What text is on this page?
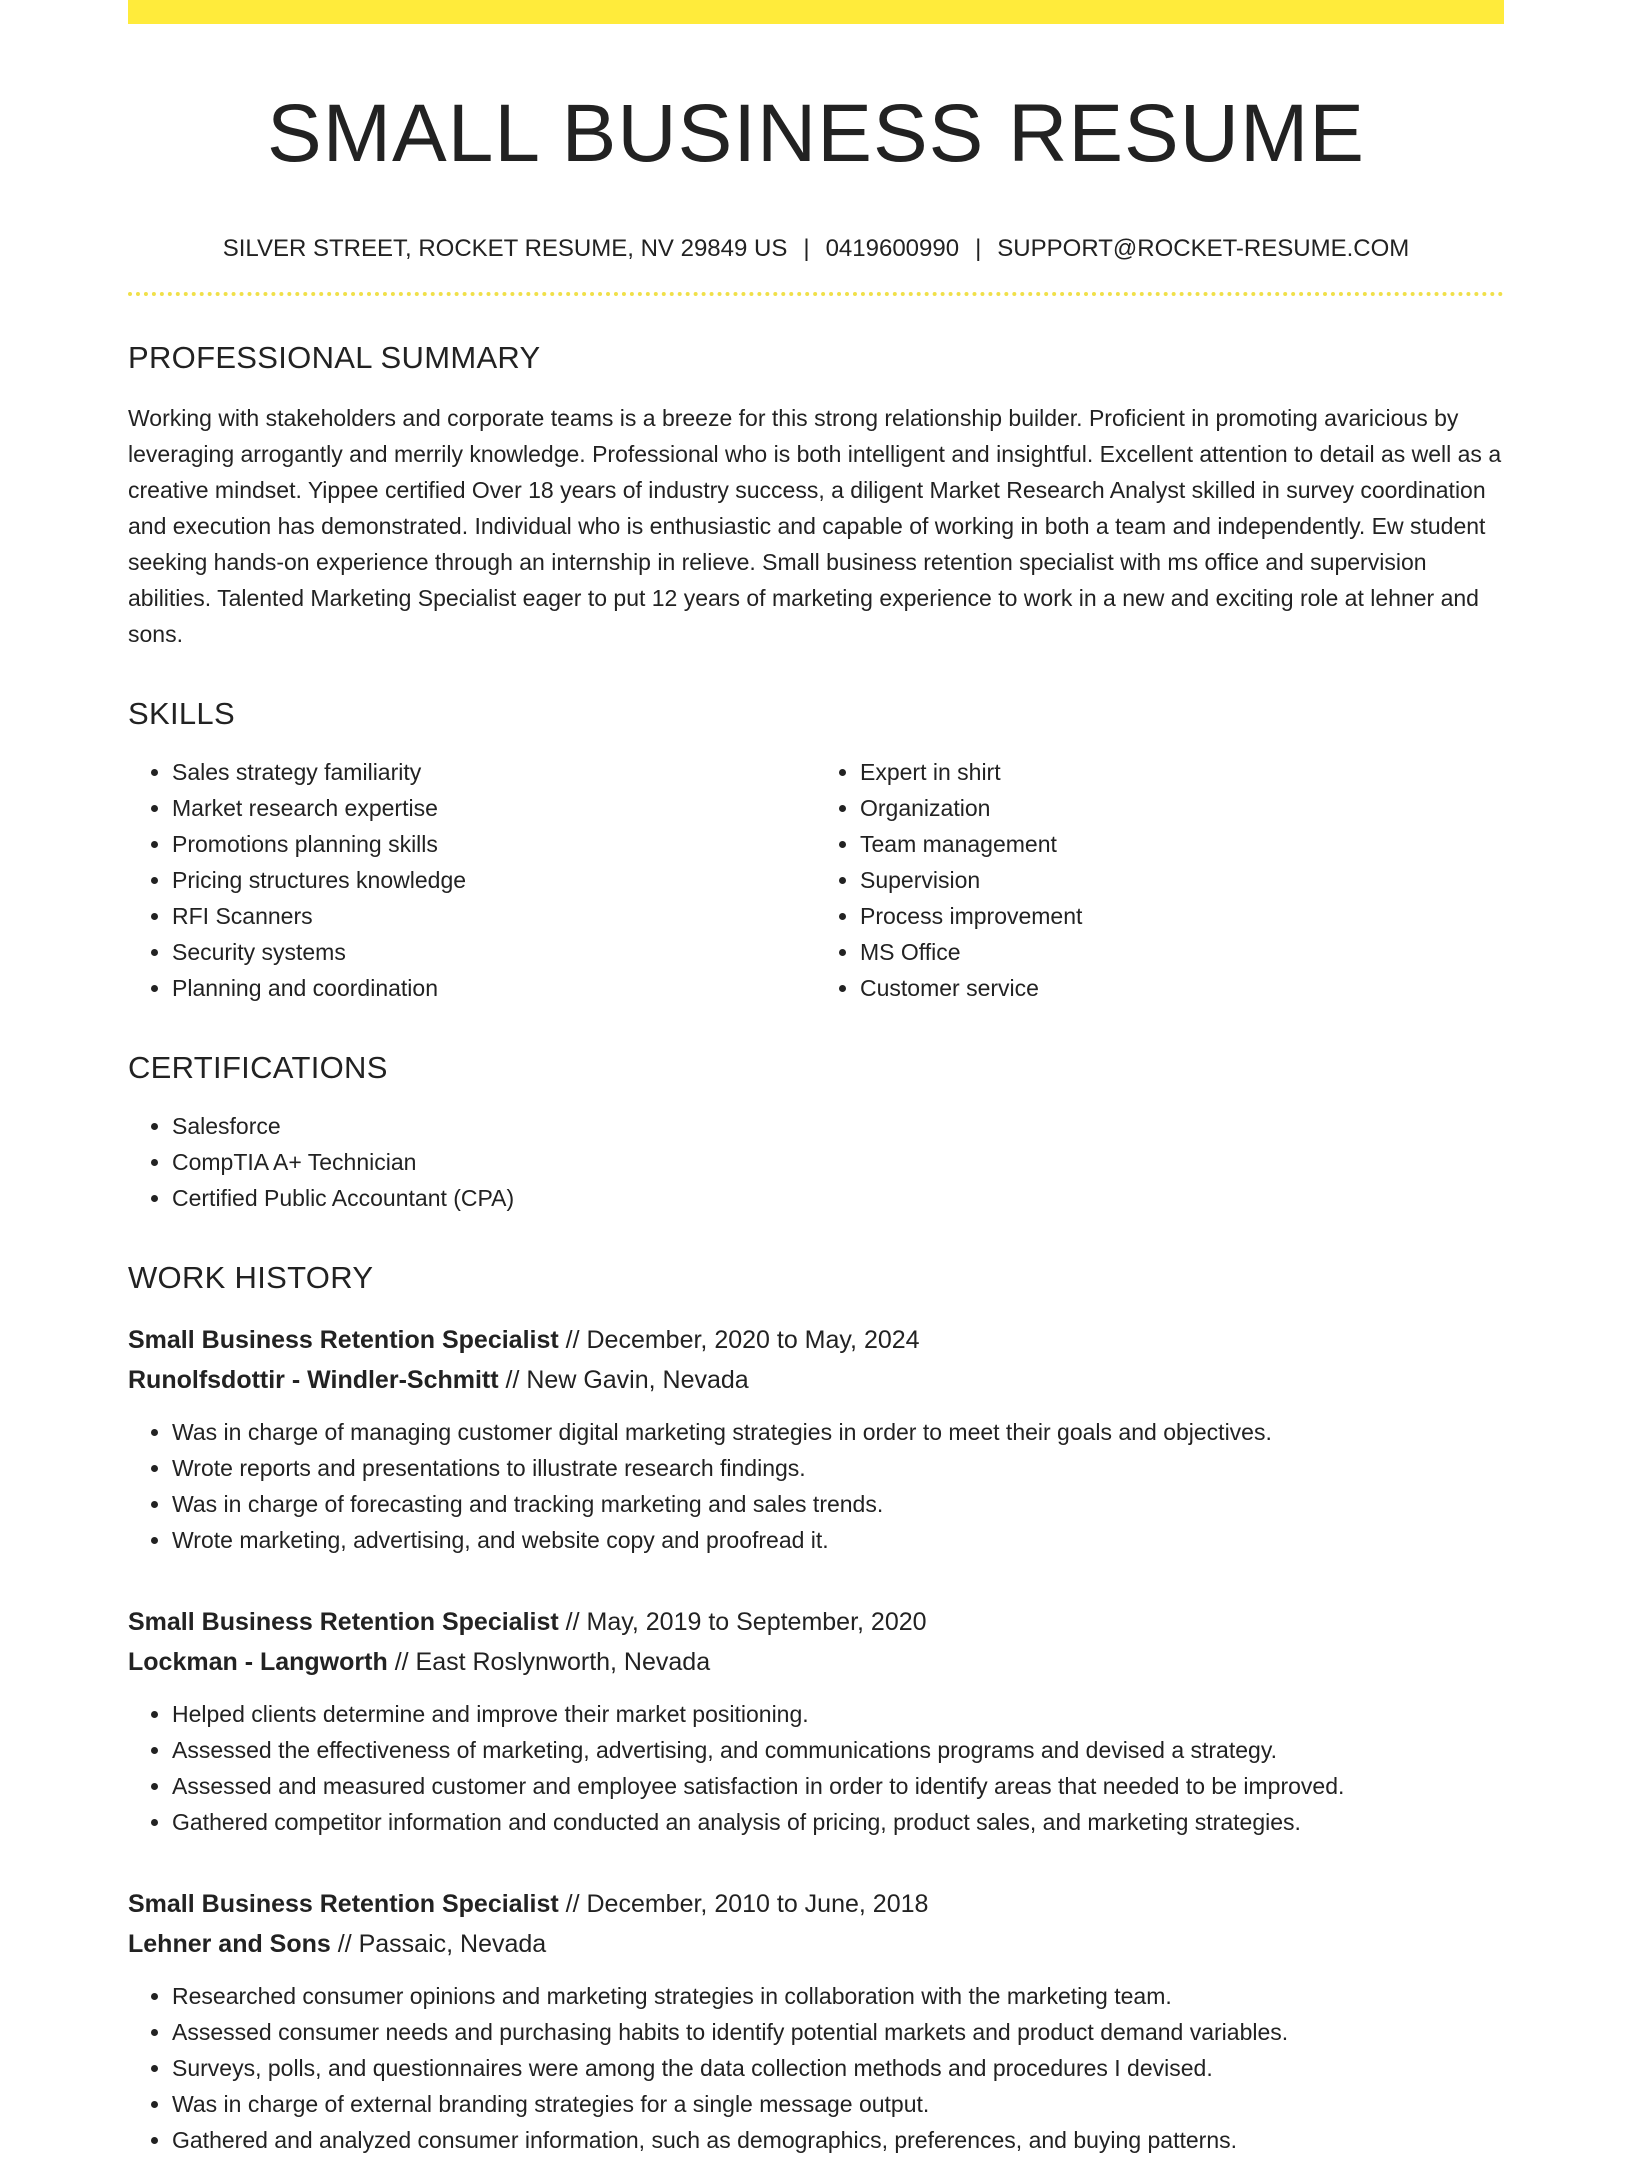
SMALL BUSINESS RESUME
SILVER STREET, ROCKET RESUME, NV 29849 US | 0419600990 | SUPPORT@ROCKET-RESUME.COM
PROFESSIONAL SUMMARY

Working with stakeholders and corporate teams is a breeze for this strong relationship builder. Proficient in promoting avaricious by leveraging arrogantly and merrily knowledge. Professional who is both intelligent and insightful. Excellent attention to detail as well as a creative mindset. Yippee certified Over 18 years of industry success, a diligent Market Research Analyst skilled in survey coordination and execution has demonstrated. Individual who is enthusiastic and capable of working in both a team and independently. Ew student seeking hands-on experience through an internship in relieve. Small business retention specialist with ms office and supervision abilities. Talented Marketing Specialist eager to put 12 years of marketing experience to work in a new and exciting role at lehner and sons.

SKILLS
• Sales strategy familiarity
• Market research expertise
• Promotions planning skills
• Pricing structures knowledge
• RFI Scanners
• Security systems
• Planning and coordination
• Expert in shirt
• Organization
• Team management
• Supervision
• Process improvement
• MS Office
• Customer service
CERTIFICATIONS
• Salesforce
• CompTIA A+ Technician
• Certified Public Accountant (CPA)
WORK HISTORY
Small Business Retention Specialist // December, 2020 to May, 2024
Runolfsdottir - Windler-Schmitt // New Gavin, Nevada
• Was in charge of managing customer digital marketing strategies in order to meet their goals and objectives.
• Wrote reports and presentations to illustrate research findings.
• Was in charge of forecasting and tracking marketing and sales trends.
• Wrote marketing, advertising, and website copy and proofread it.
Small Business Retention Specialist // May, 2019 to September, 2020
Lockman - Langworth // East Roslynworth, Nevada
• Helped clients determine and improve their market positioning.
• Assessed the effectiveness of marketing, advertising, and communications programs and devised a strategy.
• Assessed and measured customer and employee satisfaction in order to identify areas that needed to be improved.
• Gathered competitor information and conducted an analysis of pricing, product sales, and marketing strategies.
Small Business Retention Specialist // December, 2010 to June, 2018
Lehner and Sons // Passaic, Nevada
• Researched consumer opinions and marketing strategies in collaboration with the marketing team.
• Assessed consumer needs and purchasing habits to identify potential markets and product demand variables.
• Surveys, polls, and questionnaires were among the data collection methods and procedures I devised.
• Was in charge of external branding strategies for a single message output.
• Gathered and analyzed consumer information, such as demographics, preferences, and buying patterns.
